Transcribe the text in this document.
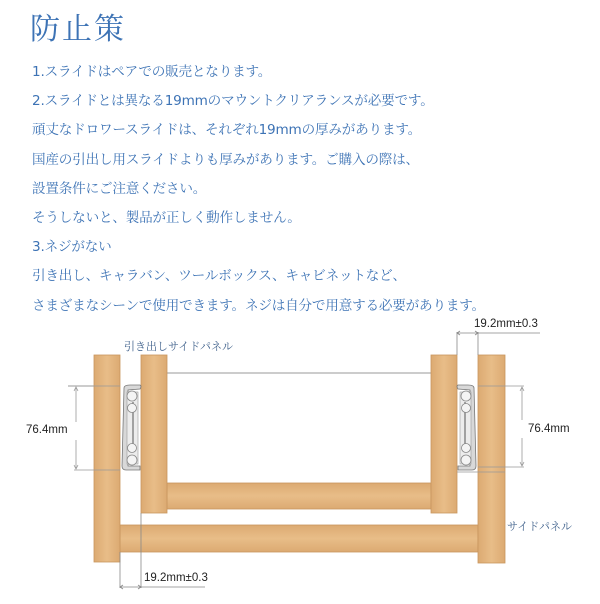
防止策
1.スライドはペアでの販売となります。
2.スライドとは異なる19mmのマウントクリアランスが必要です。
頑丈なドロワースライドは、それぞれ19mmの厚みがあります。
国産の引出し用スライドよりも厚みがあります。ご購入の際は、
設置条件にご注意ください。
そうしないと、製品が正しく動作しません。
3.ネジがない
引き出し、キャラバン、ツールボックス、キャビネットなど、
さまざまなシーンで使用できます。ネジは自分で用意する必要があります。
引き出しサイドパネル
サイドパネル
19.2mm±0.3
19.2mm±0.3
76.4mm	76.4mm
